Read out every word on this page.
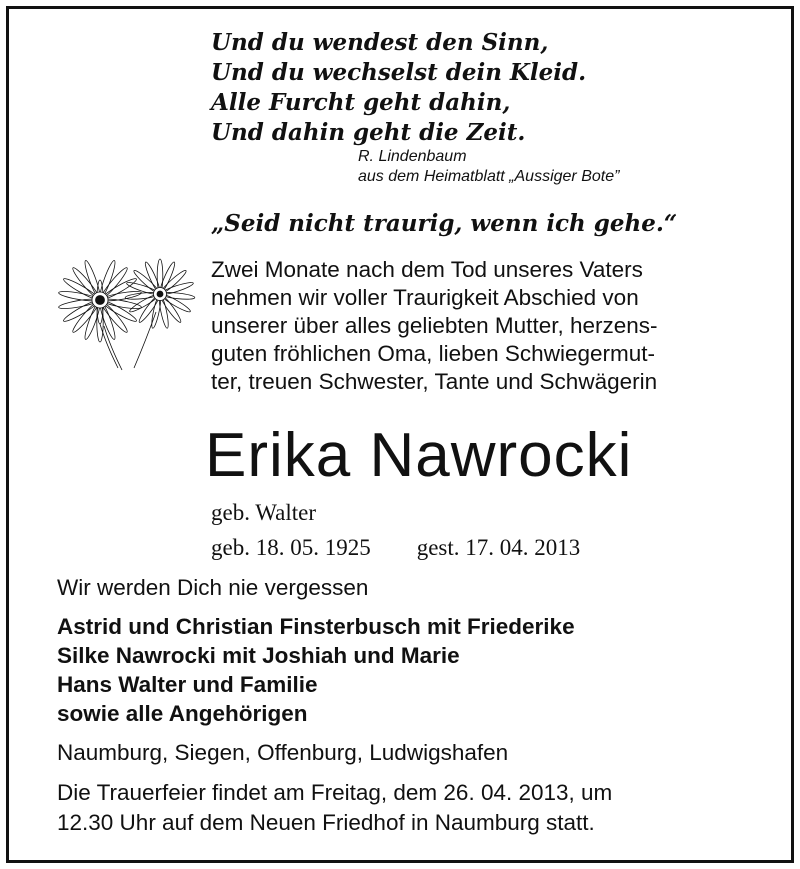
Und du wendest den Sinn,
Und du wechselst dein Kleid.
Alle Furcht geht dahin,
Und dahin geht die Zeit.
R. Lindenbaum
aus dem Heimatblatt „Aussiger Bote”
„Seid nicht traurig, wenn ich gehe.“
Zwei Monate nach dem Tod unseres Vaters
nehmen wir voller Traurigkeit Abschied von
unserer über alles geliebten Mutter, herzens-
guten fröhlichen Oma, lieben Schwiegermut-
ter, treuen Schwester, Tante und Schwägerin
Erika Nawrocki
geb. Walter
geb. 18. 05. 1925 gest. 17. 04. 2013
Wir werden Dich nie vergessen
Astrid und Christian Finsterbusch mit Friederike
Silke Nawrocki mit Joshiah und Marie
Hans Walter und Familie
sowie alle Angehörigen
Naumburg, Siegen, Offenburg, Ludwigshafen
Die Trauerfeier findet am Freitag, dem 26. 04. 2013, um
12.30 Uhr auf dem Neuen Friedhof in Naumburg statt.
